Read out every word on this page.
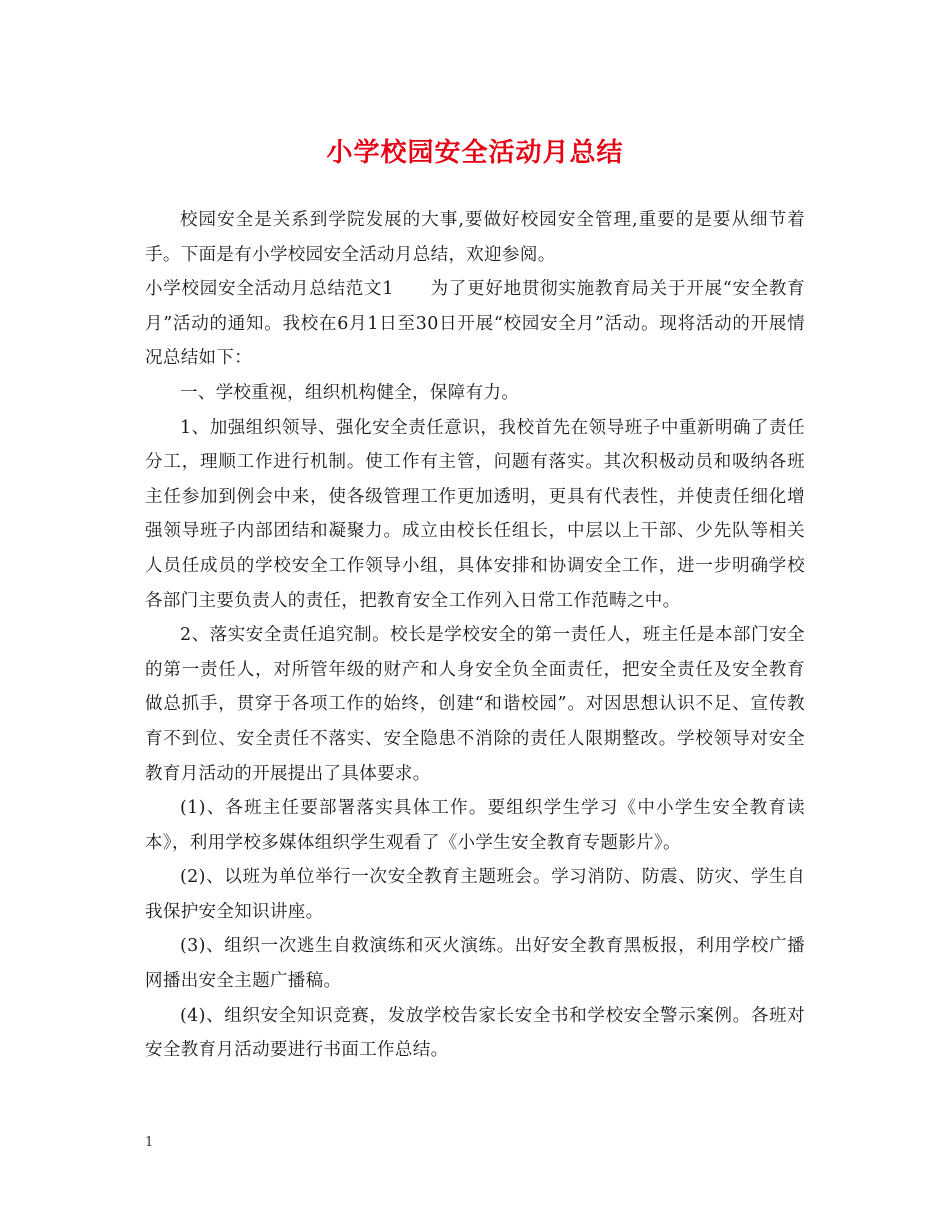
小学校园安全活动月总结

校园安全是关系到学院发展的大事,要做好校园安全管理,重要的是要从细节着手。下面是有小学校园安全活动月总结，欢迎参阅。

小学校园安全活动月总结范文1　　为了更好地贯彻实施教育局关于开展“安全教育月”活动的通知。我校在6月1日至30日开展“校园安全月”活动。现将活动的开展情况总结如下：

一、学校重视，组织机构健全，保障有力。

1、加强组织领导、强化安全责任意识，我校首先在领导班子中重新明确了责任分工，理顺工作进行机制。使工作有主管，问题有落实。其次积极动员和吸纳各班主任参加到例会中来，使各级管理工作更加透明，更具有代表性，并使责任细化增强领导班子内部团结和凝聚力。成立由校长任组长，中层以上干部、少先队等相关人员任成员的学校安全工作领导小组，具体安排和协调安全工作，进一步明确学校各部门主要负责人的责任，把教育安全工作列入日常工作范畴之中。

2、落实安全责任追究制。校长是学校安全的第一责任人，班主任是本部门安全的第一责任人，对所管年级的财产和人身安全负全面责任，把安全责任及安全教育做总抓手，贯穿于各项工作的始终，创建“和谐校园”。对因思想认识不足、宣传教育不到位、安全责任不落实、安全隐患不消除的责任人限期整改。学校领导对安全教育月活动的开展提出了具体要求。

(1)、各班主任要部署落实具体工作。要组织学生学习《中小学生安全教育读本》，利用学校多媒体组织学生观看了《小学生安全教育专题影片》。

(2)、以班为单位举行一次安全教育主题班会。学习消防、防震、防灾、学生自我保护安全知识讲座。

(3)、组织一次逃生自救演练和灭火演练。出好安全教育黑板报，利用学校广播网播出安全主题广播稿。

(4)、组织安全知识竞赛，发放学校告家长安全书和学校安全警示案例。各班对安全教育月活动要进行书面工作总结。

1
